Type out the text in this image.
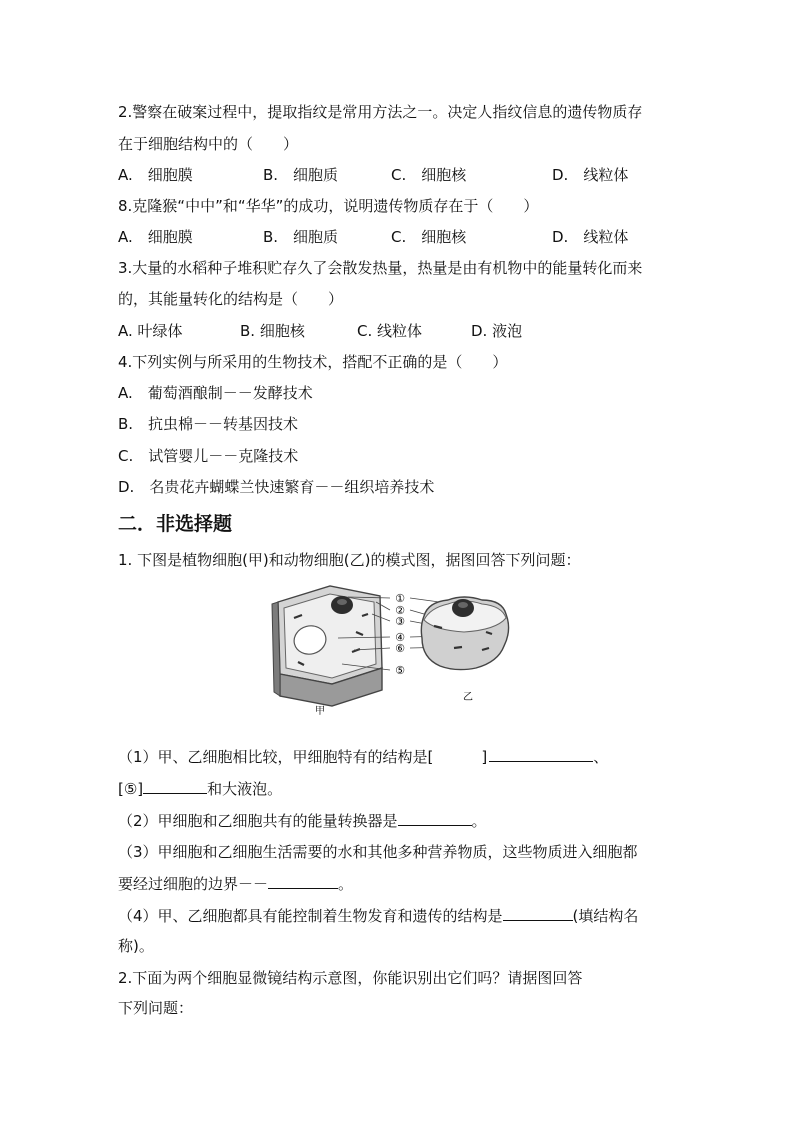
2.警察在破案过程中，提取指纹是常用方法之一。决定人指纹信息的遗传物质存
在于细胞结构中的（　　）
A.　细胞膜	B.　细胞质	C.　细胞核	D.　线粒体
8.克隆猴“中中”和“华华”的成功，说明遗传物质存在于（　　）
A.　细胞膜	B.　细胞质	C.　细胞核	D.　线粒体
3.大量的水稻种子堆积贮存久了会散发热量，热量是由有机物中的能量转化而来
的，其能量转化的结构是（　　）
A. 叶绿体	B. 细胞核	C. 线粒体	D. 液泡
4.下列实例与所采用的生物技术，搭配不正确的是（　　）
A.　葡萄酒酿制－－发酵技术
B.　抗虫棉－－转基因技术
C.　试管婴儿－－克隆技术
D.　名贵花卉蝴蝶兰快速繁育－－组织培养技术
二．非选择题
1. 下图是植物细胞(甲)和动物细胞(乙)的模式图，据图回答下列问题：
①
②
③
④
⑥
⑤
甲
乙
（1）甲、乙细胞相比较，甲细胞特有的结构是[	]	、
[⑤]	和大液泡。
（2）甲细胞和乙细胞共有的能量转换器是	。
（3）甲细胞和乙细胞生活需要的水和其他多种营养物质，这些物质进入细胞都
要经过细胞的边界－－	。
（4）甲、乙细胞都具有能控制着生物发育和遗传的结构是	(填结构名
称)。
2.下面为两个细胞显微镜结构示意图，你能识别出它们吗？请据图回答
下列问题：
